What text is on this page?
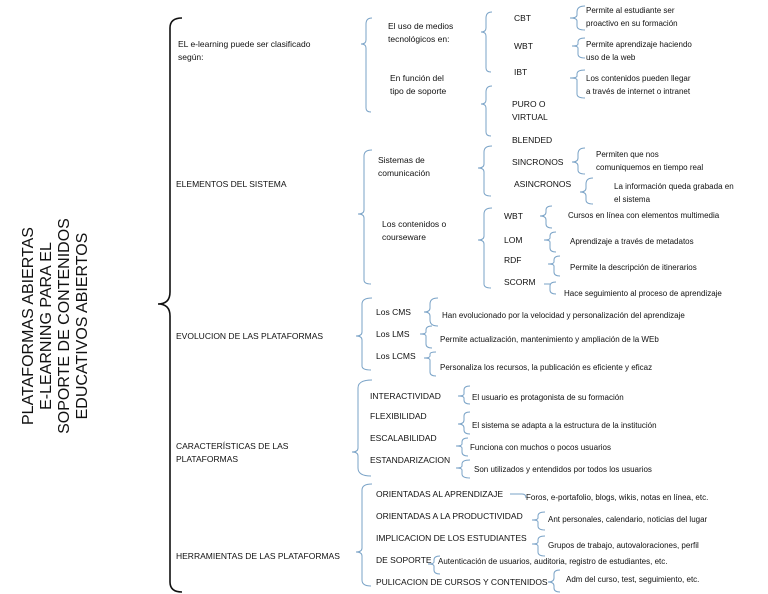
PLATAFORMAS ABIERTAS E-LEARNING PARA EL SOPORTE DE CONTENIDOS EDUCATIVOS ABIERTOS
EL e-learning puede ser clasificado
según:
El uso de medios
tecnológicos en:
En función del
tipo de soporte
CBT
Permite al estudiante ser
proactivo en su formación
WBT	Permite aprendizaje haciendo
uso de la web
IBT
Los contenidos pueden llegar
a través de internet o intranet
PURO O
VIRTUAL
BLENDED
ELEMENTOS DEL SISTEMA
Sistemas de
comunicación
SINCRONOS
Permiten que nos
comuniquemos en tiempo real
ASINCRONOS	La información queda grabada en
el sistema
Los contenidos o
courseware
WBT	Cursos en línea con elementos multimedia
LOM	Aprendizaje a través de metadatos
RDF
Permite la descripción de itinerarios
SCORM
Hace seguimiento al proceso de aprendizaje
EVOLUCION DE LAS PLATAFORMAS
Los CMS	Han evolucionado por la velocidad y personalización del aprendizaje
Los LMS
Permite actualización, mantenimiento y ampliación de la WEb
Los LCMS
Personaliza los recursos, la publicación es eficiente y eficaz
CARACTERÍSTICAS DE LAS
PLATAFORMAS
INTERACTIVIDAD	El usuario es protagonista de su formación
FLEXIBILIDAD
El sistema se adapta a la estructura de la institución
ESCALABILIDAD
Funciona con muchos o pocos usuarios
ESTANDARIZACION
Son utilizados y entendidos por todos los usuarios
HERRAMIENTAS DE LAS PLATAFORMAS
ORIENTADAS AL APRENDIZAJE	Foros, e-portafolio, blogs, wikis, notas en línea, etc.
ORIENTADAS A LA PRODUCTIVIDAD	Ant personales, calendario, noticias del lugar
IMPLICACION DE LOS ESTUDIANTES
Grupos de trabajo, autovaloraciones, perfil
DE SOPORTE Autenticación de usuarios, auditoria, registro de estudiantes, etc.
PULICACION DE CURSOS Y CONTENIDOS Adm del curso, test, seguimiento, etc.
